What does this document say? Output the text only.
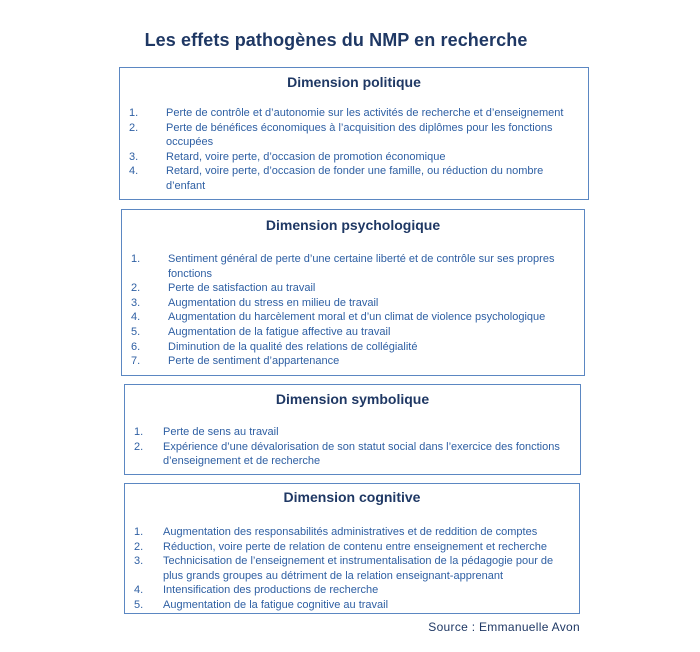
Les effets pathogènes du NMP en recherche
Dimension politique
1.	Perte de contrôle et d’autonomie sur les activités de recherche et d’enseignement
2.	Perte de bénéfices économiques à l’acquisition des diplômes pour les fonctions occupées
3.	Retard, voire perte, d’occasion de promotion économique
4.	Retard, voire perte, d’occasion de fonder une famille, ou réduction du nombre d’enfant
Dimension psychologique
1.	Sentiment général de perte d’une certaine liberté et de contrôle sur ses propres fonctions
2.	Perte de satisfaction au travail
3.	Augmentation du stress en milieu de travail
4.	Augmentation du harcèlement moral et d’un climat de violence psychologique
5.	Augmentation de la fatigue affective au travail
6.	Diminution de la qualité des relations de collégialité
7.	Perte de sentiment d’appartenance
Dimension symbolique
1. Perte de sens au travail
2. Expérience d’une dévalorisation de son statut social dans l’exercice des fonctions d’enseignement et de recherche
Dimension cognitive
1. Augmentation des responsabilités administratives et de reddition de comptes
2. Réduction, voire perte de relation de contenu entre enseignement et recherche
3. Technicisation de l’enseignement et instrumentalisation de la pédagogie pour de plus grands groupes au détriment de la relation enseignant-apprenant
4. Intensification des productions de recherche
5. Augmentation de la fatigue cognitive au travail
Source : Emmanuelle Avon
